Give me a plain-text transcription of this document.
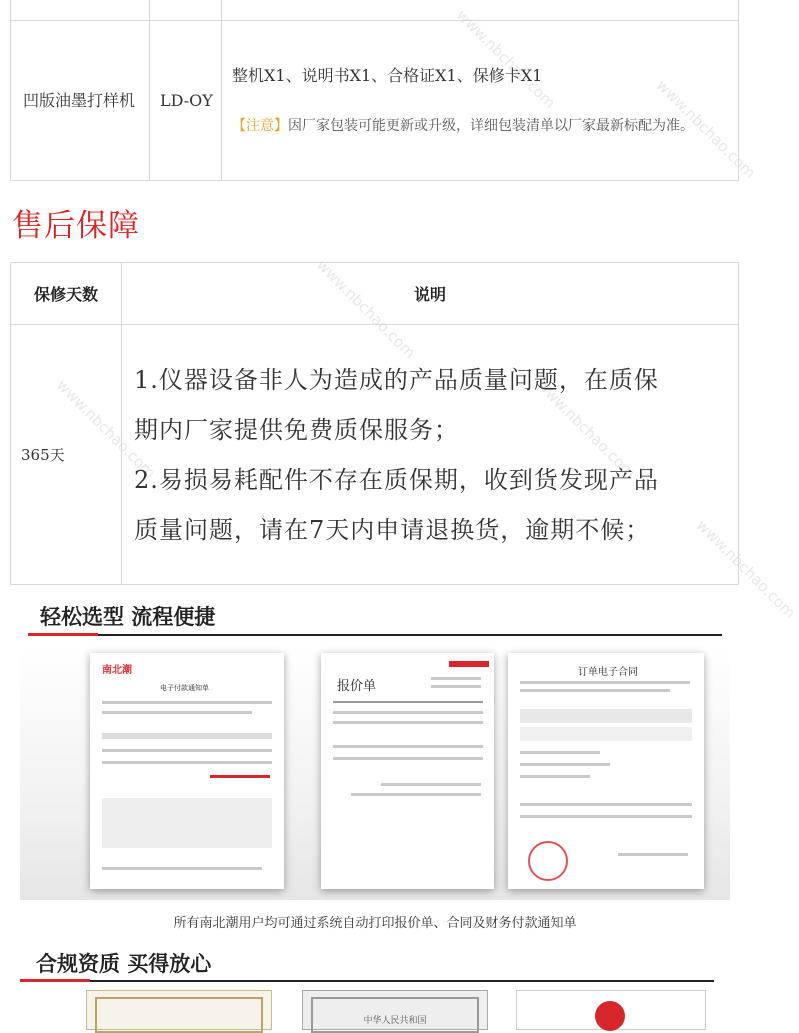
www.nbchao.com
www.nbchao.com
www.nbchao.com
www.nbchao.com
www.nbchao.com
www.nbchao.com

凹版油墨打样机	LD-OY	整机X1、说明书X1、合格证X1、保修卡X1
【注意】因厂家包装可能更新或升级，详细包装清单以厂家最新标配为准。
售后保障
保修天数	说明
365天	1.仪器设备非人为造成的产品质量问题，在质保
期内厂家提供免费质保服务；
2.易损易耗配件不存在质保期，收到货发现产品
质量问题，请在7天内申请退换货，逾期不候；
轻松选型 流程便捷
南北潮
电子付款通知单	报价单
订单电子合同
所有南北潮用户均可通过系统自动打印报价单、合同及财务付款通知单
合规资质 买得放心
中华人民共和国
